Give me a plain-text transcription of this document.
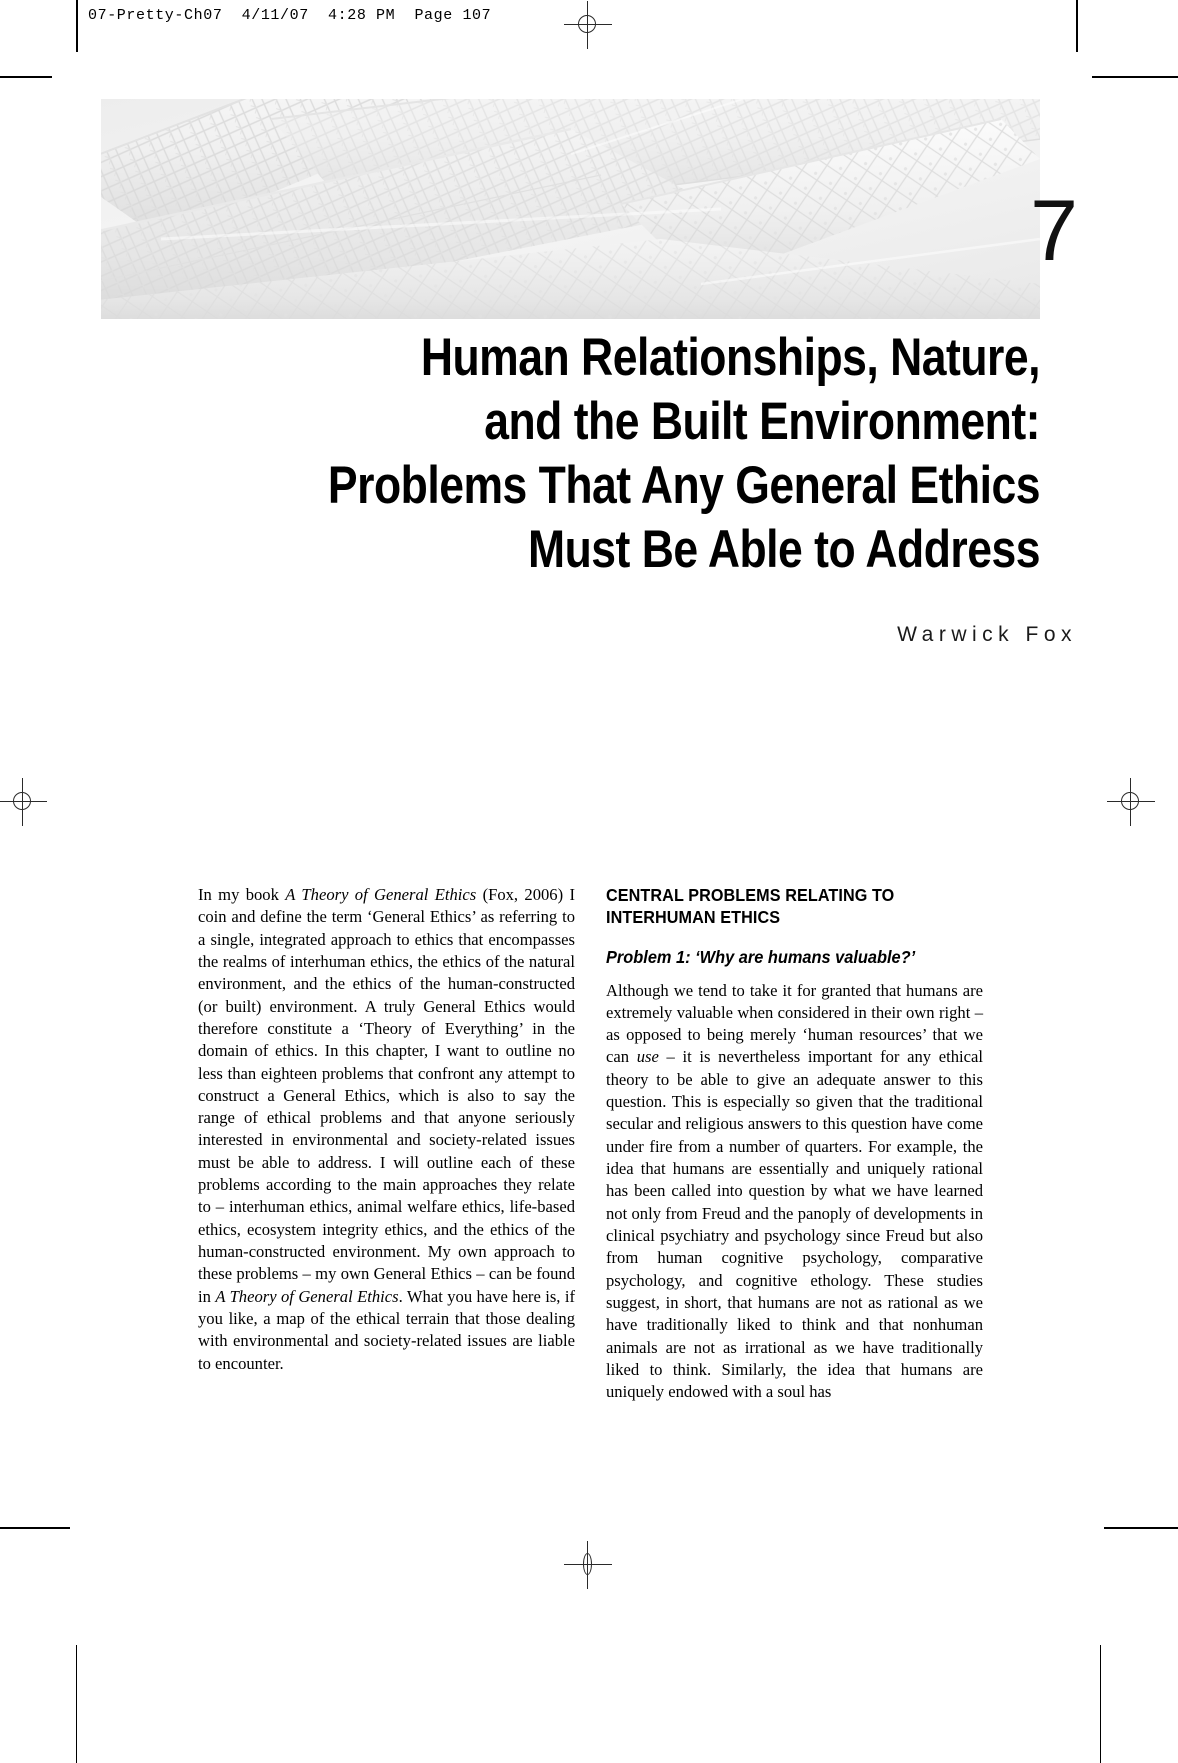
07-Pretty-Ch07  4/11/07  4:28 PM  Page 107
7
Human Relationships, Nature,
and the Built Environment:
Problems That Any General Ethics
Must Be Able to Address
Warwick Fox

In my book A Theory of General Ethics (Fox, 2006) I coin and define the term ‘General Ethics’ as referring to a single, integrated approach to ethics that encompasses the realms of interhuman ethics, the ethics of the natural environment, and the ethics of the human-constructed (or built) environment. A truly General Ethics would therefore constitute a ‘Theory of Everything’ in the domain of ethics. In this chapter, I want to outline no less than eighteen problems that confront any attempt to construct a General Ethics, which is also to say the range of ethical problems and that anyone seriously interested in environmental and society-related issues must be able to address. I will outline each of these problems according to the main approaches they relate to – interhuman ethics, animal welfare ethics, life-based ethics, ecosystem integrity ethics, and the ethics of the human-constructed environment. My own approach to these problems – my own General Ethics – can be found in A Theory of General Ethics. What you have here is, if you like, a map of the ethical terrain that those dealing with environmental and society-related issues are liable to encounter.

CENTRAL PROBLEMS RELATING TO INTERHUMAN ETHICS
Problem 1: ‘Why are humans valuable?’

Although we tend to take it for granted that humans are extremely valuable when considered in their own right – as opposed to being merely ‘human resources’ that we can use – it is nevertheless important for any ethical theory to be able to give an adequate answer to this question. This is especially so given that the traditional secular and religious answers to this question have come under fire from a number of quarters. For example, the idea that humans are essentially and uniquely rational has been called into question by what we have learned not only from Freud and the panoply of developments in clinical psychiatry and psychology since Freud but also from human cognitive psychology, comparative psychology, and cognitive ethology. These studies suggest, in short, that humans are not as rational as we have traditionally liked to think and that nonhuman animals are not as irrational as we have traditionally liked to think. Similarly, the idea that humans are uniquely endowed with a soul has
